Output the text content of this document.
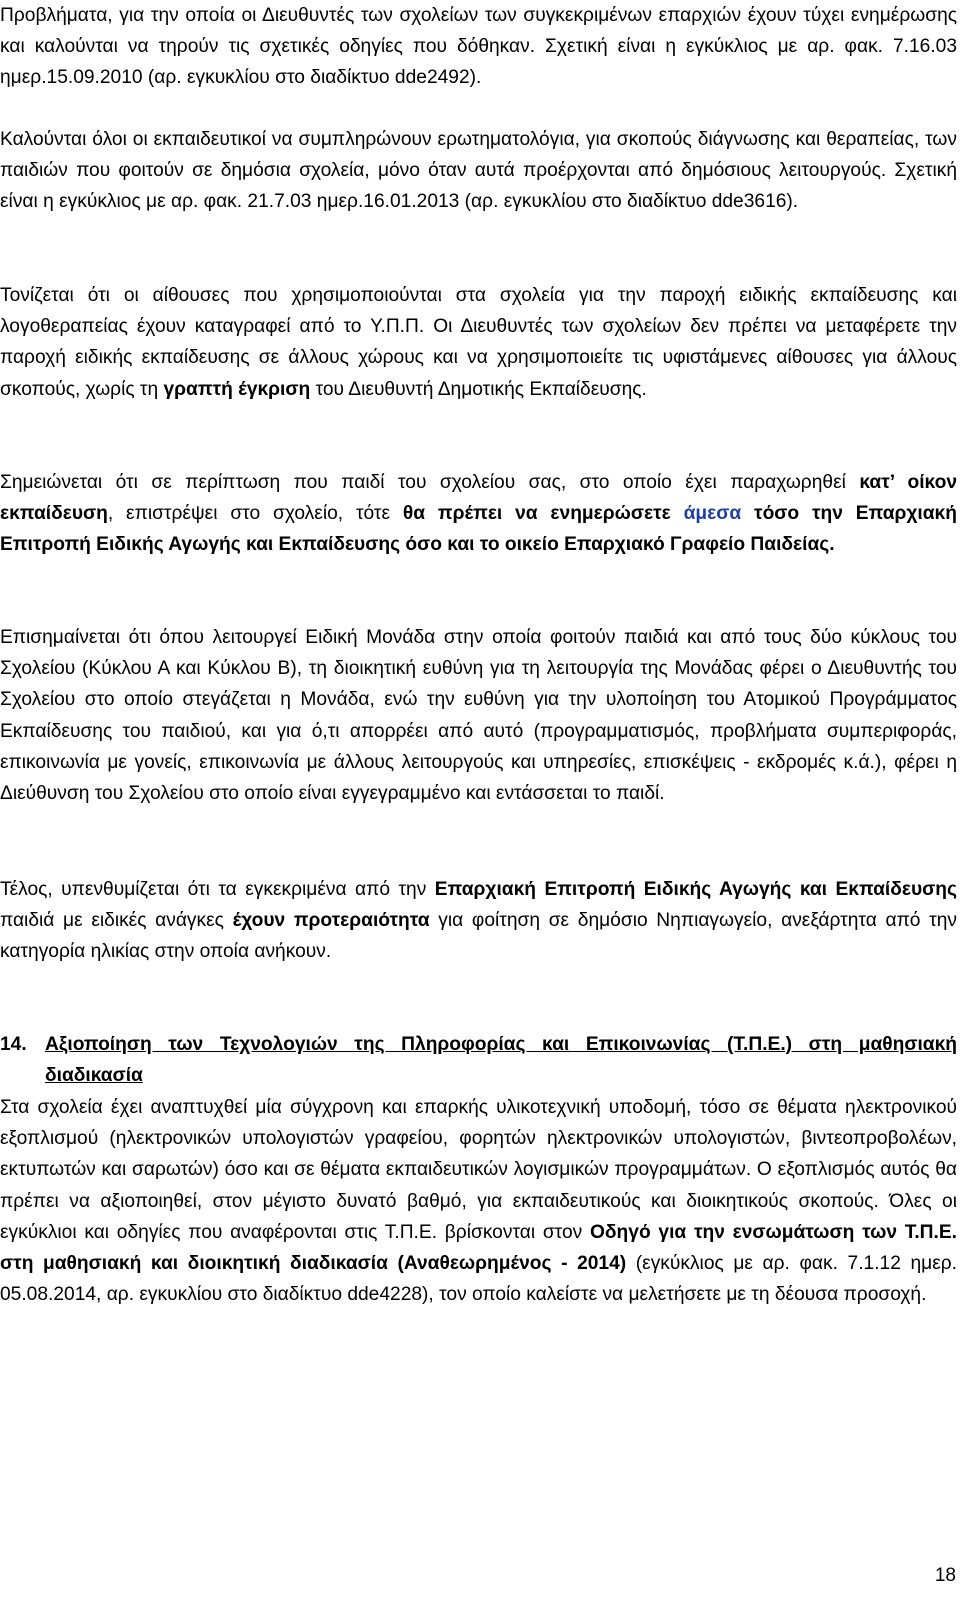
Προβλήματα, για την οποία οι Διευθυντές των σχολείων των συγκεκριμένων επαρχιών έχουν τύχει ενημέρωσης και καλούνται να τηρούν τις σχετικές οδηγίες που δόθηκαν. Σχετική είναι η εγκύκλιος με αρ. φακ. 7.16.03 ημερ.15.09.2010 (αρ. εγκυκλίου στο διαδίκτυο dde2492).

Καλούνται όλοι οι εκπαιδευτικοί να συμπληρώνουν ερωτηματολόγια, για σκοπούς διάγνωσης και θεραπείας, των παιδιών που φοιτούν σε δημόσια σχολεία, μόνο όταν αυτά προέρχονται από δημόσιους λειτουργούς. Σχετική είναι η εγκύκλιος με αρ. φακ. 21.7.03 ημερ.16.01.2013 (αρ. εγκυκλίου στο διαδίκτυο dde3616).

Τονίζεται ότι οι αίθουσες που χρησιμοποιούνται στα σχολεία για την παροχή ειδικής εκπαίδευσης και λογοθεραπείας έχουν καταγραφεί από το Υ.Π.Π. Οι Διευθυντές των σχολείων δεν πρέπει να μεταφέρετε την παροχή ειδικής εκπαίδευσης σε άλλους χώρους και να χρησιμοποιείτε τις υφιστάμενες αίθουσες για άλλους σκοπούς, χωρίς τη γραπτή έγκριση του Διευθυντή Δημοτικής Εκπαίδευσης.

Σημειώνεται ότι σε περίπτωση που παιδί του σχολείου σας, στο οποίο έχει παραχωρηθεί κατ’ οίκον εκπαίδευση, επιστρέψει στο σχολείο, τότε θα πρέπει να ενημερώσετε άμεσα τόσο την Επαρχιακή Επιτροπή Ειδικής Αγωγής και Εκπαίδευσης όσο και το οικείο Επαρχιακό Γραφείο Παιδείας.

Επισημαίνεται ότι όπου λειτουργεί Ειδική Μονάδα στην οποία φοιτούν παιδιά και από τους δύο κύκλους του Σχολείου (Κύκλου Α και Κύκλου Β), τη διοικητική ευθύνη για τη λειτουργία της Μονάδας φέρει ο Διευθυντής του Σχολείου στο οποίο στεγάζεται η Μονάδα, ενώ την ευθύνη για την υλοποίηση του Ατομικού Προγράμματος Εκπαίδευσης του παιδιού, και για ό,τι απορρέει από αυτό (προγραμματισμός, προβλήματα συμπεριφοράς, επικοινωνία με γονείς, επικοινωνία με άλλους λειτουργούς και υπηρεσίες, επισκέψεις - εκδρομές κ.ά.), φέρει η Διεύθυνση του Σχολείου στο οποίο είναι εγγεγραμμένο και εντάσσεται το παιδί.

Τέλος, υπενθυμίζεται ότι τα εγκεκριμένα από την Επαρχιακή Επιτροπή Ειδικής Αγωγής και Εκπαίδευσης παιδιά με ειδικές ανάγκες έχουν προτεραιότητα για φοίτηση σε δημόσιο Νηπιαγωγείο, ανεξάρτητα από την κατηγορία ηλικίας στην οποία ανήκουν.

14. Αξιοποίηση των Τεχνολογιών της Πληροφορίας και Επικοινωνίας (Τ.Π.Ε.) στη μαθησιακή διαδικασία

Στα σχολεία έχει αναπτυχθεί μία σύγχρονη και επαρκής υλικοτεχνική υποδομή, τόσο σε θέματα ηλεκτρονικού εξοπλισμού (ηλεκτρονικών υπολογιστών γραφείου, φορητών ηλεκτρονικών υπολογιστών, βιντεοπροβολέων, εκτυπωτών και σαρωτών) όσο και σε θέματα εκπαιδευτικών λογισμικών προγραμμάτων. Ο εξοπλισμός αυτός θα πρέπει να αξιοποιηθεί, στον μέγιστο δυνατό βαθμό, για εκπαιδευτικούς και διοικητικούς σκοπούς. Όλες οι εγκύκλιοι και οδηγίες που αναφέρονται στις Τ.Π.Ε. βρίσκονται στον Οδηγό για την ενσωμάτωση των Τ.Π.Ε. στη μαθησιακή και διοικητική διαδικασία (Αναθεωρημένος - 2014) (εγκύκλιος με αρ. φακ. 7.1.12 ημερ. 05.08.2014, αρ. εγκυκλίου στο διαδίκτυο dde4228), τον οποίο καλείστε να μελετήσετε με τη δέουσα προσοχή.

18
